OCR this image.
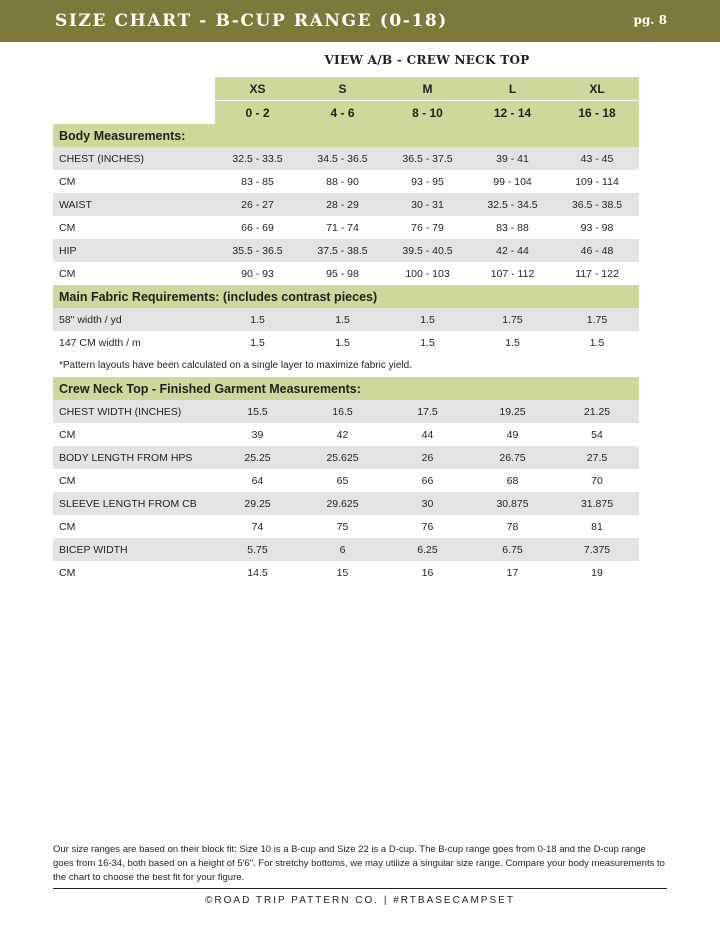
SIZE CHART - B-CUP RANGE (0-18)	pg. 8
VIEW A/B - CREW NECK TOP
	XS	S	M	L	XL
	0 - 2	4 - 6	8 - 10	12 - 14	16 - 18
Body Measurements:					
CHEST (INCHES)	32.5 - 33.5	34.5 - 36.5	36.5 - 37.5	39 - 41	43 - 45
CM	83 - 85	88 - 90	93 - 95	99 - 104	109 - 114
WAIST	26 - 27	28 - 29	30 - 31	32.5 - 34.5	36.5 - 38.5
CM	66 - 69	71 - 74	76 - 79	83 - 88	93 - 98
HIP	35.5 - 36.5	37.5 - 38.5	39.5 - 40.5	42 - 44	46 - 48
CM	90 - 93	95 - 98	100 - 103	107 - 112	117 - 122
Main Fabric Requirements: (includes contrast pieces)					
58" width / yd	1.5	1.5	1.5	1.75	1.75
147 CM width / m	1.5	1.5	1.5	1.5	1.5
*Pattern layouts have been calculated on a single layer to maximize fabric yield.					
Crew Neck Top - Finished Garment Measurements:					
CHEST WIDTH (INCHES)	15.5	16.5	17.5	19.25	21.25
CM	39	42	44	49	54
BODY LENGTH FROM HPS	25.25	25.625	26	26.75	27.5
CM	64	65	66	68	70
SLEEVE LENGTH FROM CB	29.25	29.625	30	30.875	31.875
CM	74	75	76	78	81
BICEP WIDTH	5.75	6	6.25	6.75	7.375
CM	14.5	15	16	17	19
Our size ranges are based on their block fit: Size 10 is a B-cup and Size 22 is a D-cup. The B-cup range goes from 0-18 and the D-cup range goes from 16-34, both based on a height of 5'6". For stretchy bottoms, we may utilize a singular size range. Compare your body measurements to the chart to choose the best fit for your figure.
©ROAD TRIP PATTERN CO. | #RTBASECAMPSET
